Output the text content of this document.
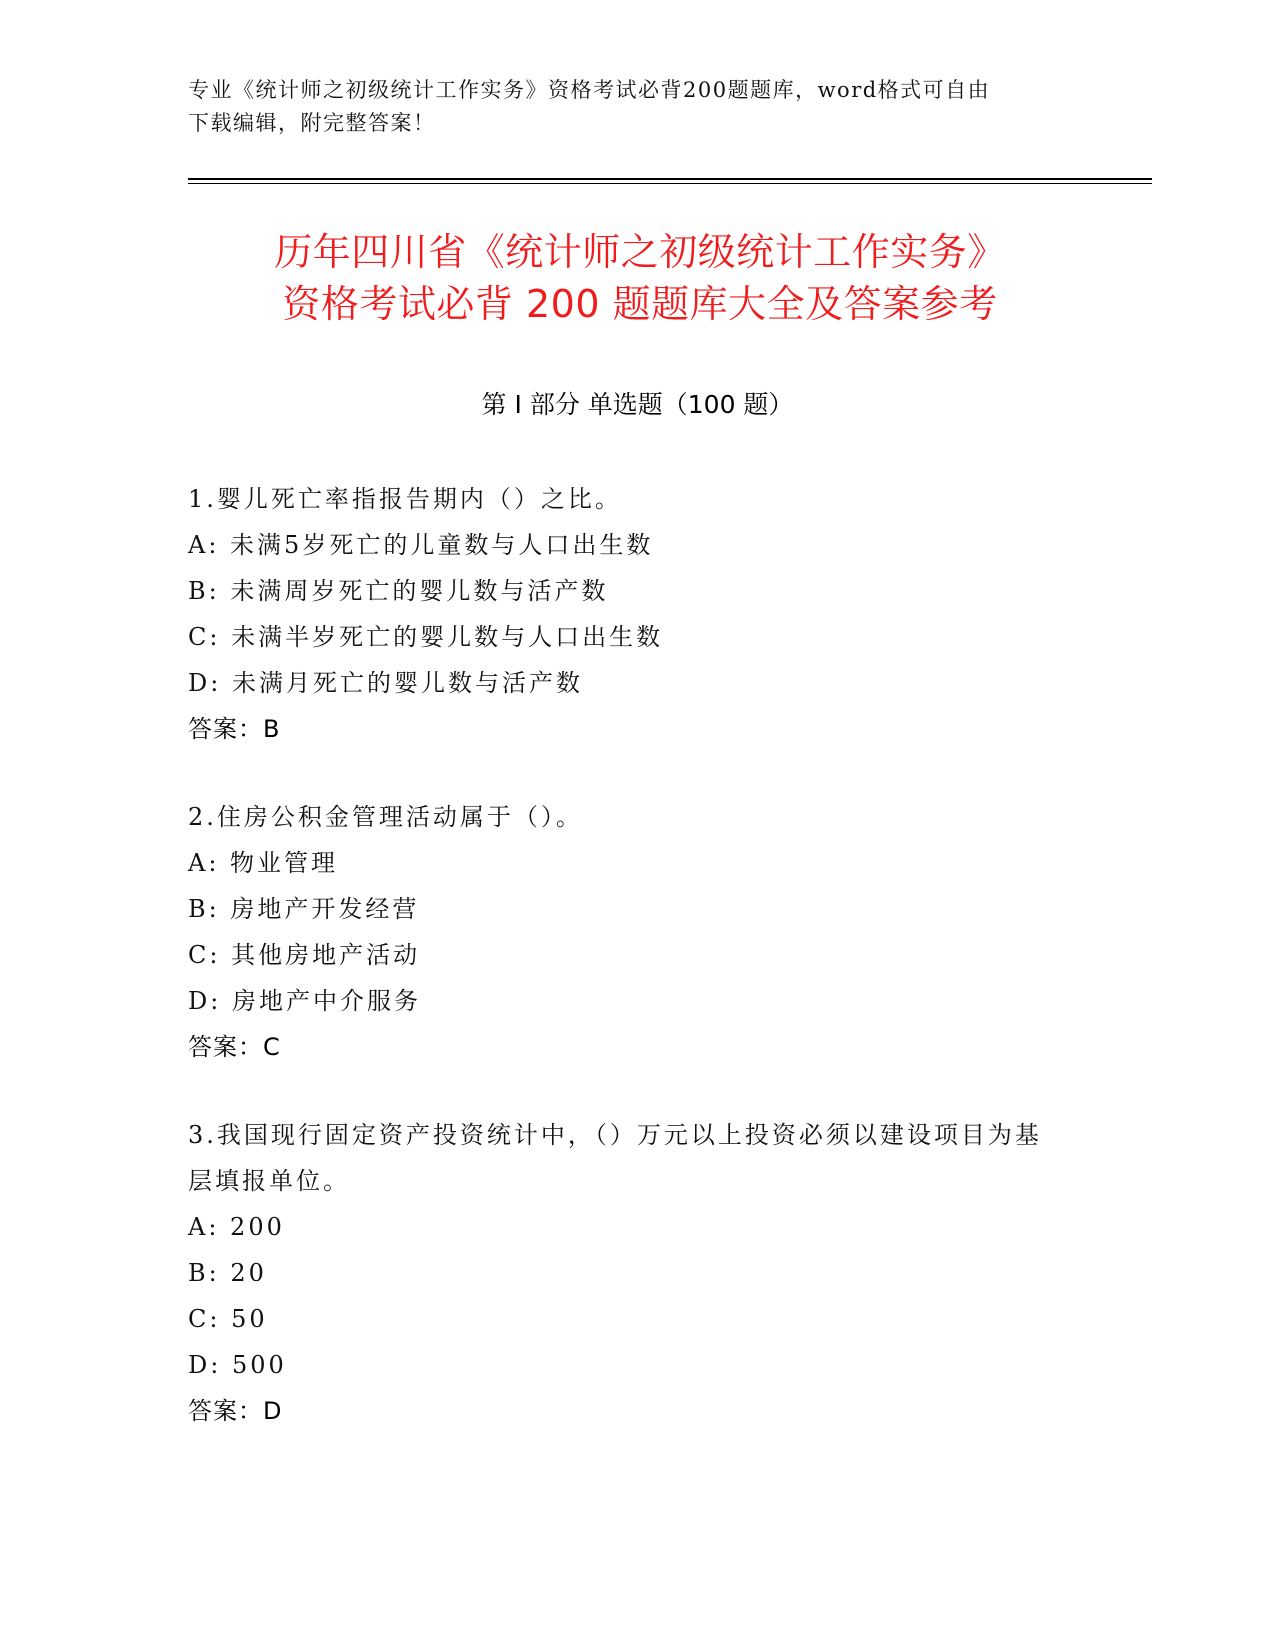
专业《统计师之初级统计工作实务》资格考试必背200题题库，word格式可自由
下载编辑，附完整答案！
历年四川省《统计师之初级统计工作实务》
资格考试必背 200 题题库大全及答案参考
第 I 部分 单选题（100 题）
1.婴儿死亡率指报告期内（）之比。
A: 未满5岁死亡的儿童数与人口出生数
B: 未满周岁死亡的婴儿数与活产数
C: 未满半岁死亡的婴儿数与人口出生数
D: 未满月死亡的婴儿数与活产数
答案：B
2.住房公积金管理活动属于（）。
A: 物业管理
B: 房地产开发经营
C: 其他房地产活动
D: 房地产中介服务
答案：C
3.我国现行固定资产投资统计中，（）万元以上投资必须以建设项目为基层填报单位。
A: 200
B: 20
C: 50
D: 500
答案：D
